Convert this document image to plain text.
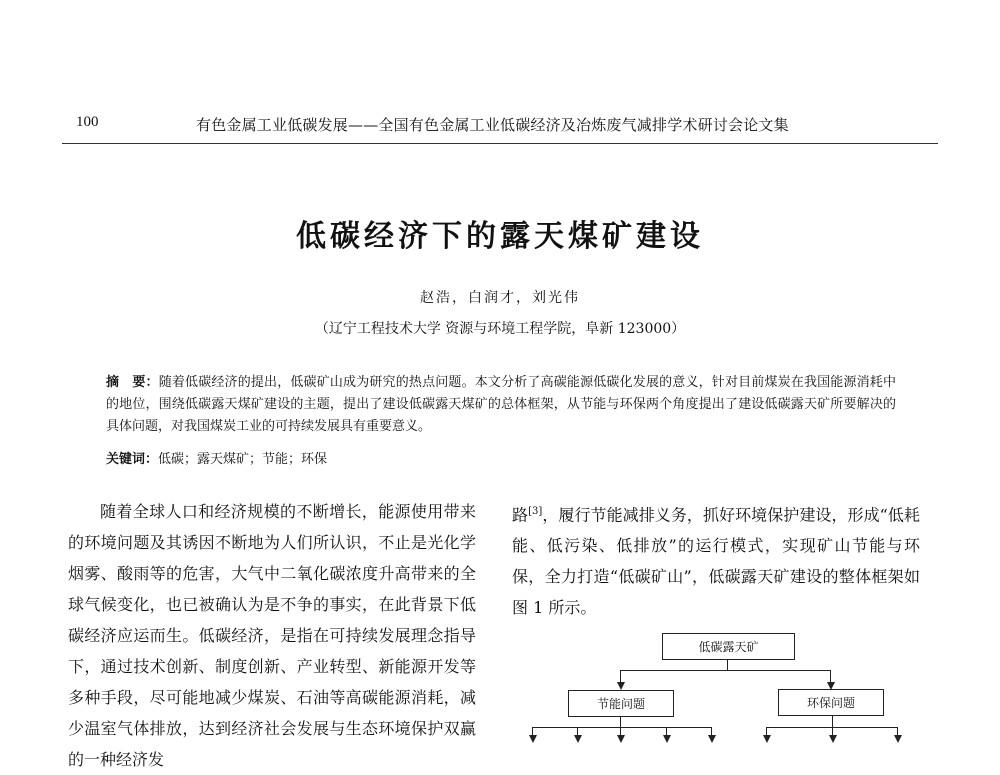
100	有色金属工业低碳发展——全国有色金属工业低碳经济及冶炼废气减排学术研讨会论文集
低碳经济下的露天煤矿建设
赵浩，白润才，刘光伟
（辽宁工程技术大学 资源与环境工程学院，阜新 123000）
摘　要：随着低碳经济的提出，低碳矿山成为研究的热点问题。本文分析了高碳能源低碳化发展的意义，针对目前煤炭在我国能源消耗中的地位，围绕低碳露天煤矿建设的主题，提出了建设低碳露天煤矿的总体框架，从节能与环保两个角度提出了建设低碳露天矿所要解决的具体问题，对我国煤炭工业的可持续发展具有重要意义。
关键词：低碳；露天煤矿；节能；环保

随着全球人口和经济规模的不断增长，能源使用带来的环境问题及其诱因不断地为人们所认识，不止是光化学烟雾、酸雨等的危害，大气中二氧化碳浓度升高带来的全球气候变化，也已被确认为是不争的事实，在此背景下低碳经济应运而生。低碳经济，是指在可持续发展理念指导下，通过技术创新、制度创新、产业转型、新能源开发等多种手段，尽可能地减少煤炭、石油等高碳能源消耗，减少温室气体排放，达到经济社会发展与生态环境保护双赢的一种经济发

路[3]，履行节能减排义务，抓好环境保护建设，形成“低耗能、低污染、低排放”的运行模式，实现矿山节能与环保，全力打造“低碳矿山”，低碳露天矿建设的整体框架如图 1 所示。

低碳露天矿
节能问题	环保问题
